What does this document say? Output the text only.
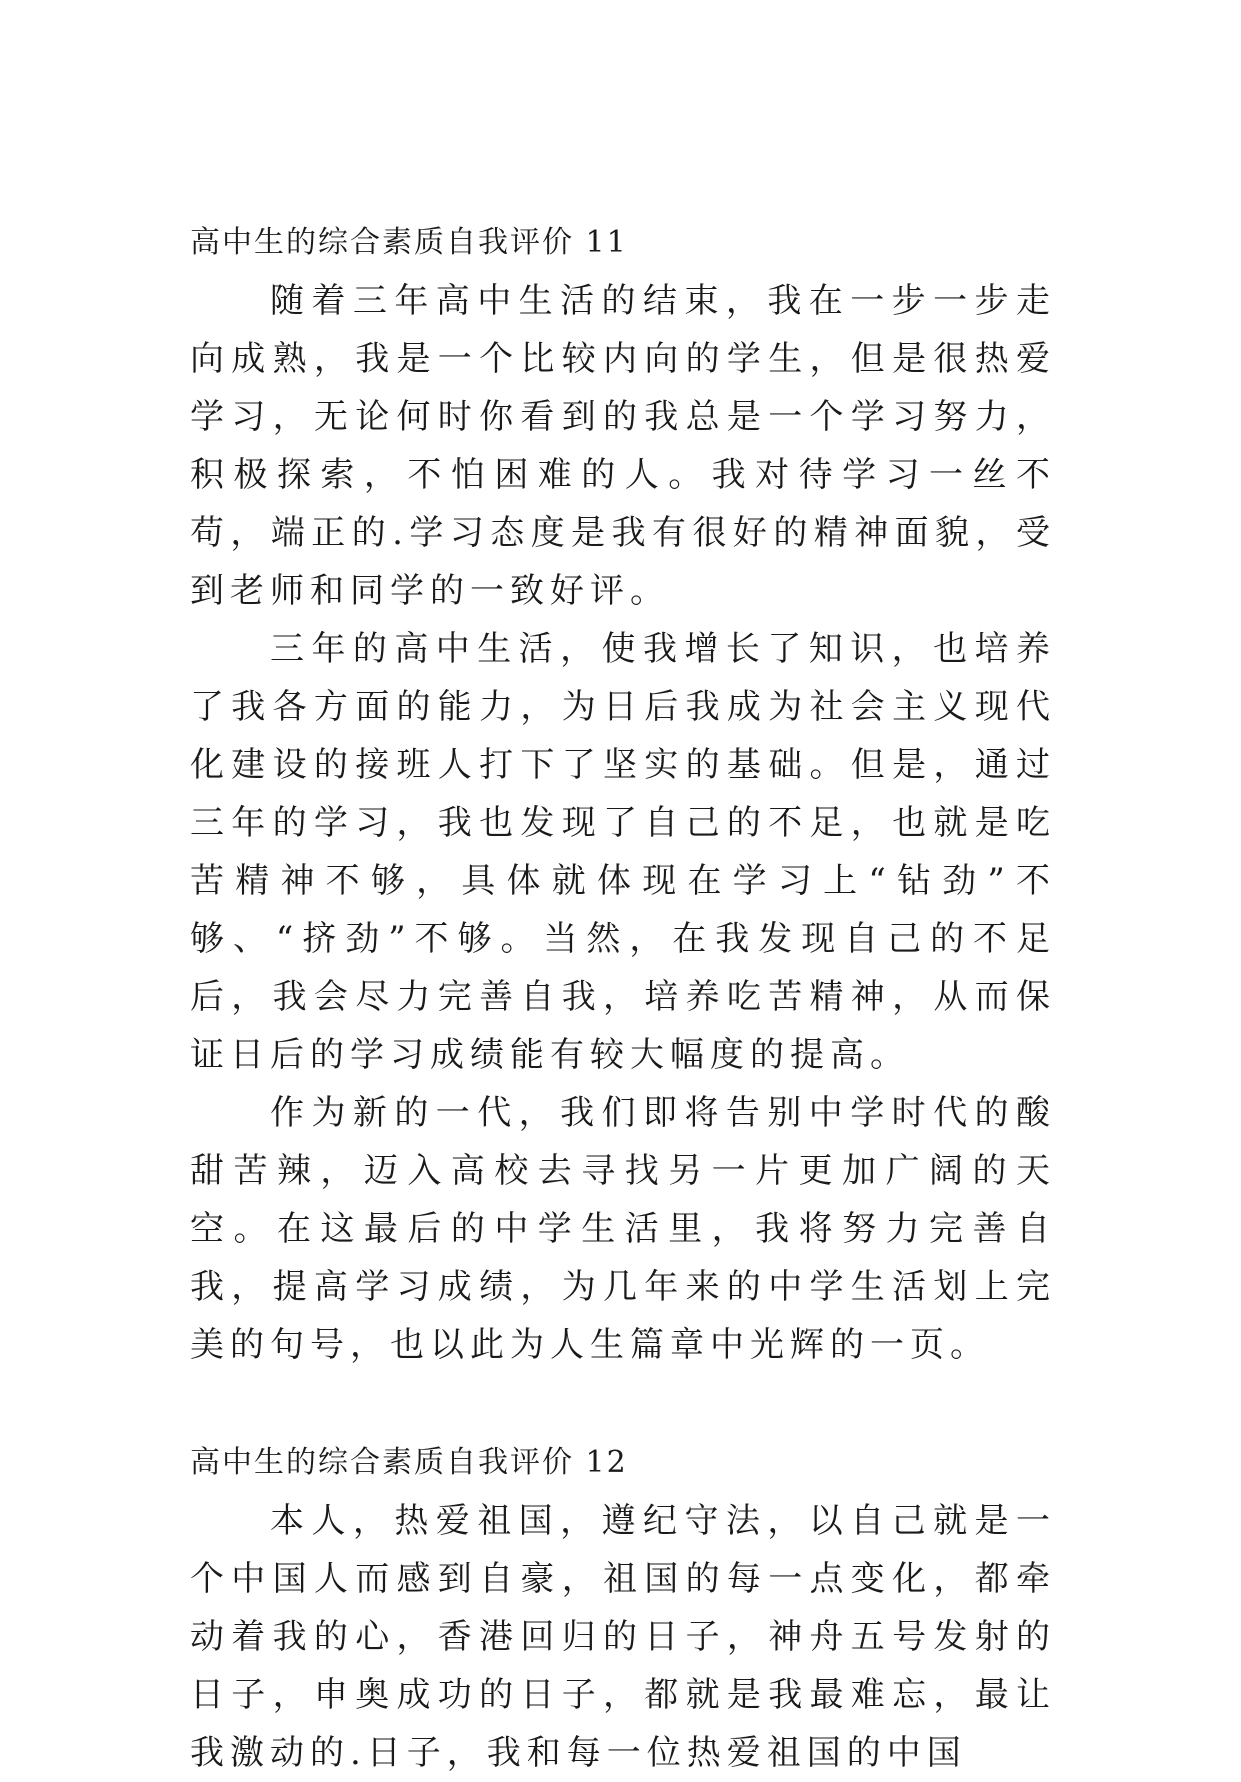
高中生的综合素质自我评价 11

随着三年高中生活的结束，我在一步一步走向成熟，我是一个比较内向的学生，但是很热爱学习，无论何时你看到的我总是一个学习努力，积极探索，不怕困难的人。我对待学习一丝不苟，端正的.学习态度是我有很好的精神面貌，受到老师和同学的一致好评。

三年的高中生活，使我增长了知识，也培养了我各方面的能力，为日后我成为社会主义现代化建设的接班人打下了坚实的基础。但是，通过三年的学习，我也发现了自己的不足，也就是吃苦精神不够，具体就体现在学习上“钻劲”不够、“挤劲”不够。当然，在我发现自己的不足后，我会尽力完善自我，培养吃苦精神，从而保证日后的学习成绩能有较大幅度的提高。

作为新的一代，我们即将告别中学时代的酸甜苦辣，迈入高校去寻找另一片更加广阔的天空。在这最后的中学生活里，我将努力完善自我，提高学习成绩，为几年来的中学生活划上完美的句号，也以此为人生篇章中光辉的一页。

高中生的综合素质自我评价 12

本人，热爱祖国，遵纪守法，以自己就是一个中国人而感到自豪，祖国的每一点变化，都牵动着我的心，香港回归的日子，神舟五号发射的日子，申奥成功的日子，都就是我最难忘，最让我激动的.日子，我和每一位热爱祖国的中国
